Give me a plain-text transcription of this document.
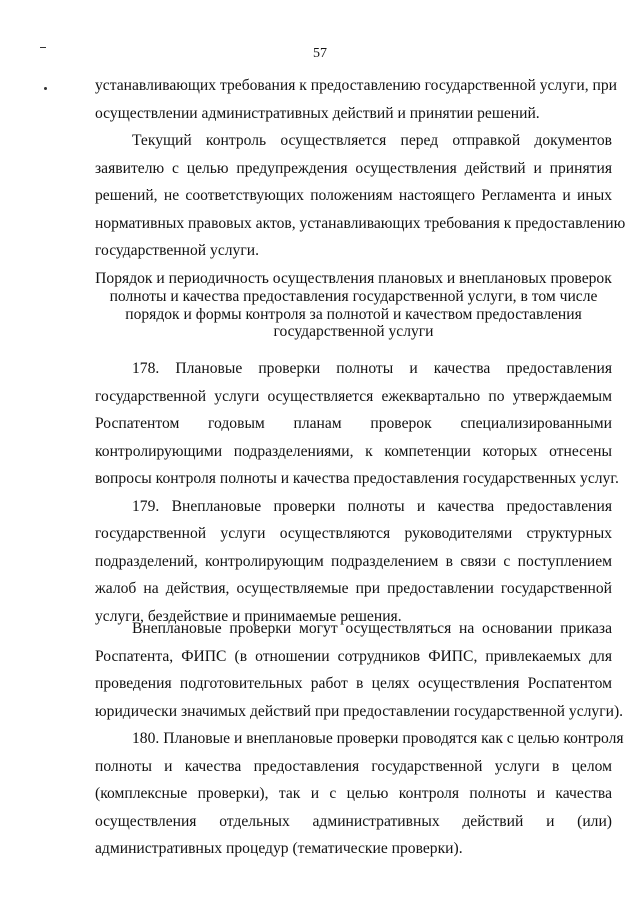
57
устанавливающих требования к предоставлению государственной услуги, при
осуществлении административных действий и принятии решений.
Текущий контроль осуществляется перед отправкой документов
заявителю с целью предупреждения осуществления действий и принятия
решений, не соответствующих положениям настоящего Регламента и иных
нормативных правовых актов, устанавливающих требования к предоставлению
государственной услуги.
Порядок и периодичность осуществления плановых и внеплановых проверок
полноты и качества предоставления государственной услуги, в том числе
порядок и формы контроля за полнотой и качеством предоставления
государственной услуги
178. Плановые проверки полноты и качества предоставления
государственной услуги осуществляется ежеквартально по утверждаемым
Роспатентом годовым планам проверок специализированными
контролирующими подразделениями, к компетенции которых отнесены
вопросы контроля полноты и качества предоставления государственных услуг.
179. Внеплановые проверки полноты и качества предоставления
государственной услуги осуществляются руководителями структурных
подразделений, контролирующим подразделением в связи с поступлением
жалоб на действия, осуществляемые при предоставлении государственной
услуги, бездействие и принимаемые решения.
Внеплановые проверки могут осуществляться на основании приказа
Роспатента, ФИПС (в отношении сотрудников ФИПС, привлекаемых для
проведения подготовительных работ в целях осуществления Роспатентом
юридически значимых действий при предоставлении государственной услуги).
180. Плановые и внеплановые проверки проводятся как с целью контроля
полноты и качества предоставления государственной услуги в целом
(комплексные проверки), так и с целью контроля полноты и качества
осуществления отдельных административных действий и (или)
административных процедур (тематические проверки).
